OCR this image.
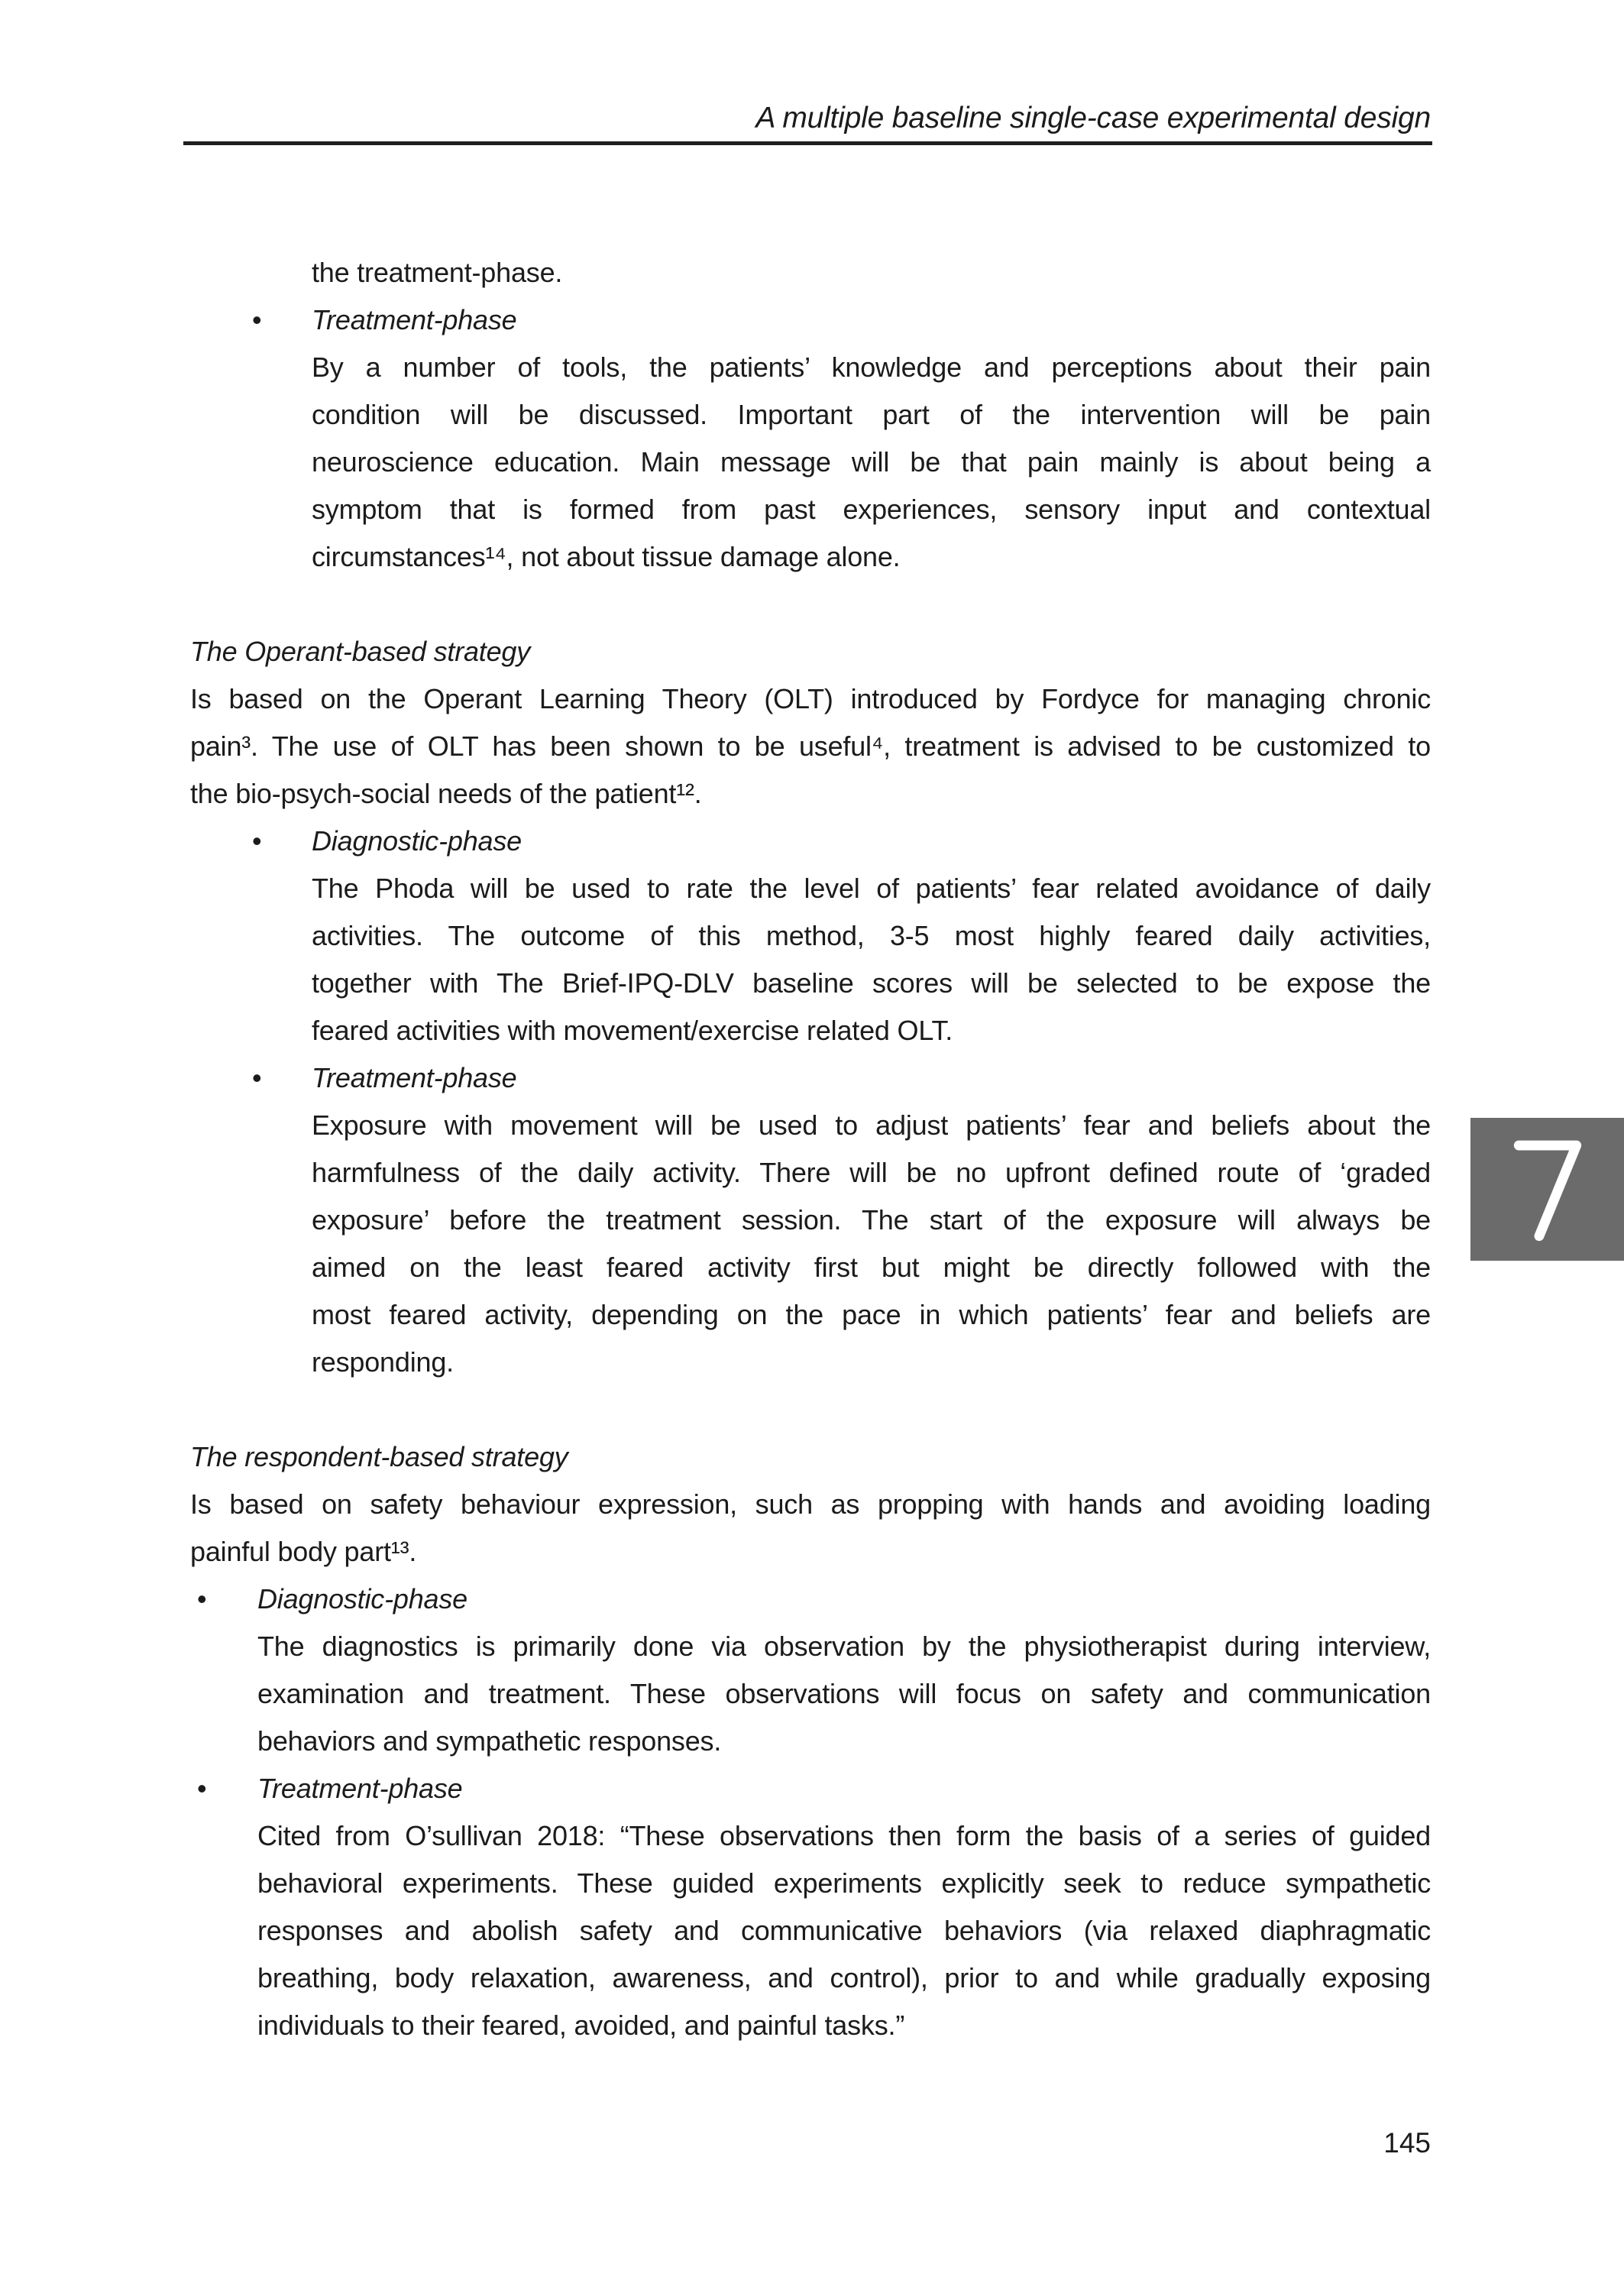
A multiple baseline single-case experimental design
the treatment-phase.
• Treatment-phase
By a number of tools, the patients’ knowledge and perceptions about their pain
condition will be discussed. Important part of the intervention will be pain
neuroscience education. Main message will be that pain mainly is about being a
symptom that is formed from past experiences, sensory input and contextual
circumstances¹⁴, not about tissue damage alone.
The Operant-based strategy
Is based on the Operant Learning Theory (OLT) introduced by Fordyce for managing chronic
pain³. The use of OLT has been shown to be useful⁴, treatment is advised to be customized to
the bio-psych-social needs of the patient¹².
• Diagnostic-phase
The Phoda will be used to rate the level of patients’ fear related avoidance of daily
activities. The outcome of this method, 3-5 most highly feared daily activities,
together with The Brief-IPQ-DLV baseline scores will be selected to be expose the
feared activities with movement/exercise related OLT.
• Treatment-phase
Exposure with movement will be used to adjust patients’ fear and beliefs about the
harmfulness of the daily activity. There will be no upfront defined route of ‘graded
exposure’ before the treatment session. The start of the exposure will always be
aimed on the least feared activity first but might be directly followed with the
most feared activity, depending on the pace in which patients’ fear and beliefs are
responding.
The respondent-based strategy
Is based on safety behaviour expression, such as propping with hands and avoiding loading
painful body part¹³.
• Diagnostic-phase
The diagnostics is primarily done via observation by the physiotherapist during interview,
examination and treatment. These observations will focus on safety and communication
behaviors and sympathetic responses.
• Treatment-phase
Cited from O’sullivan 2018: “These observations then form the basis of a series of guided
behavioral experiments. These guided experiments explicitly seek to reduce sympathetic
responses and abolish safety and communicative behaviors (via relaxed diaphragmatic
breathing, body relaxation, awareness, and control), prior to and while gradually exposing
individuals to their feared, avoided, and painful tasks.”
145
